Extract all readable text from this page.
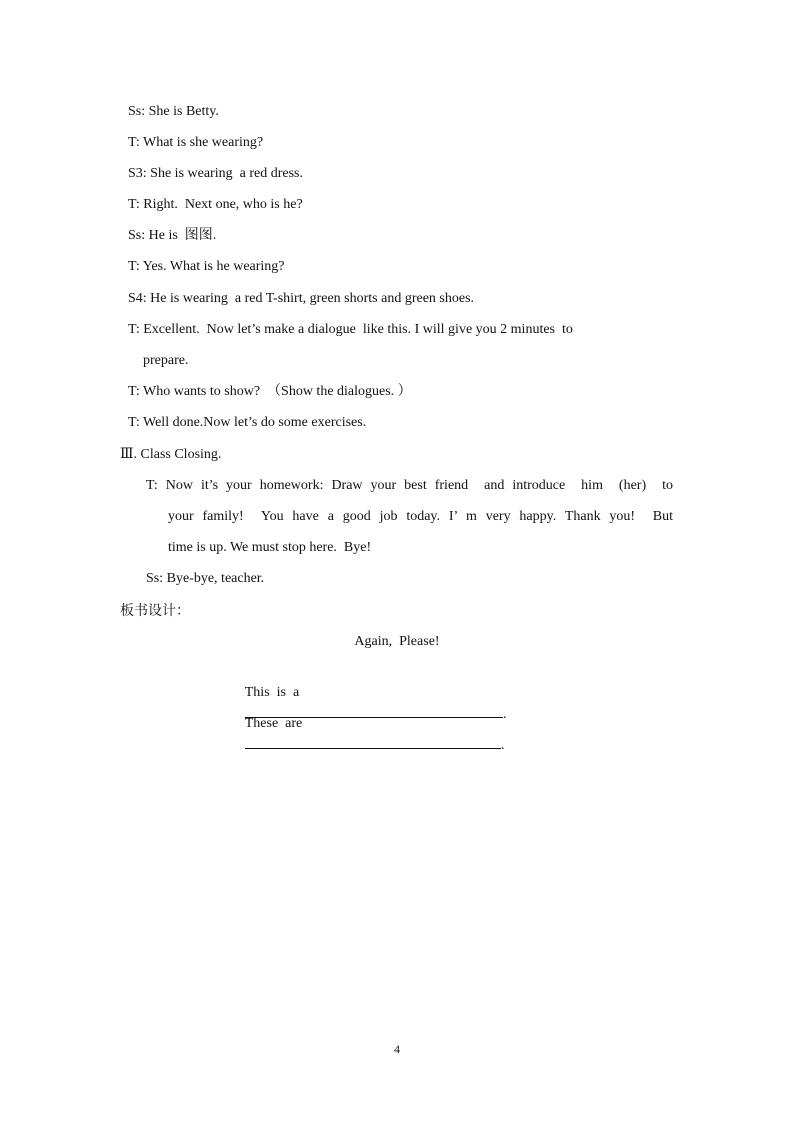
Ss: She is Betty.
T: What is she wearing?
S3: She is wearing  a red dress.
T: Right.  Next one, who is he?
Ss: He is  图图.
T: Yes. What is he wearing?
S4: He is wearing  a red T-shirt, green shorts and green shoes.
T: Excellent.  Now let’s make a dialogue  like this. I will give you 2 minutes  to
prepare.
T: Who wants to show?  （Show the dialogues. ）
T: Well done.Now let’s do some exercises.
Ⅲ. Class Closing.
T: Now it’s your homework: Draw your best friend  and introduce  him  (her)  to
your family!  You have a good job today. I’ m very happy. Thank you!  But
time is up. We must stop here.  Bye!
Ss: Bye-bye, teacher.
板书设计：
Again,  Please!

This  is  a
.

These  are
.

4
